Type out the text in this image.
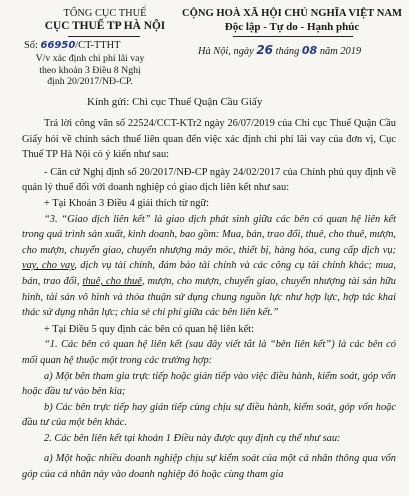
TỔNG CỤC THUẾ
CỤC THUẾ TP HÀ NỘI
Số: 66950/CT-TTHT
V/v xác định chi phí lãi vay
theo khoản 3 Điều 8 Nghị
định 20/2017/NĐ-CP.
CỘNG HOÀ XÃ HỘI CHỦ NGHĨA VIỆT NAM
Độc lập - Tự do - Hạnh phúc
Hà Nội, ngày 26 tháng 08 năm 2019
Kính gửi: Chi cục Thuế Quận Cầu Giấy

Trả lời công văn số 22524/CCT-KTr2 ngày 26/07/2019 của Chi cục Thuế Quận Cầu Giấy hỏi về chính sách thuế liên quan đến việc xác định chi phí lãi vay của đơn vị, Cục Thuế TP Hà Nội có ý kiến như sau:

- Căn cứ Nghị định số 20/2017/NĐ-CP ngày 24/02/2017 của Chính phủ quy định về quản lý thuế đối với doanh nghiệp có giao dịch liên kết như sau:

+ Tại Khoản 3 Điều 4 giải thích từ ngữ:

“3. “Giao dịch liên kết” là giao dịch phát sinh giữa các bên có quan hệ liên kết trong quá trình sản xuất, kinh doanh, bao gồm: Mua, bán, trao đổi, thuê, cho thuê, mượn, cho mượn, chuyển giao, chuyển nhượng máy móc, thiết bị, hàng hóa, cung cấp dịch vụ; vay, cho vay, dịch vụ tài chính, đảm bảo tài chính và các công cụ tài chính khác; mua, bán, trao đổi, thuê, cho thuê, mượn, cho mượn, chuyển giao, chuyển nhượng tài sản hữu hình, tài sản vô hình và thỏa thuận sử dụng chung nguồn lực như hợp lực, hợp tác khai thác sử dụng nhân lực; chia sẻ chi phí giữa các bên liên kết.”

+ Tại Điều 5 quy định các bên có quan hệ liên kết:

“1. Các bên có quan hệ liên kết (sau đây viết tắt là “bên liên kết”) là các bên có mối quan hệ thuộc một trong các trường hợp:

a) Một bên tham gia trực tiếp hoặc gián tiếp vào việc điều hành, kiểm soát, góp vốn hoặc đầu tư vào bên kia;

b) Các bên trực tiếp hay gián tiếp cùng chịu sự điều hành, kiểm soát, góp vốn hoặc đầu tư của một bên khác.

2. Các bên liên kết tại khoản 1 Điều này được quy định cụ thể như sau:

a) Một hoặc nhiều doanh nghiệp chịu sự kiểm soát của một cá nhân thông qua vốn góp của cá nhân này vào doanh nghiệp đó hoặc cùng tham gia
